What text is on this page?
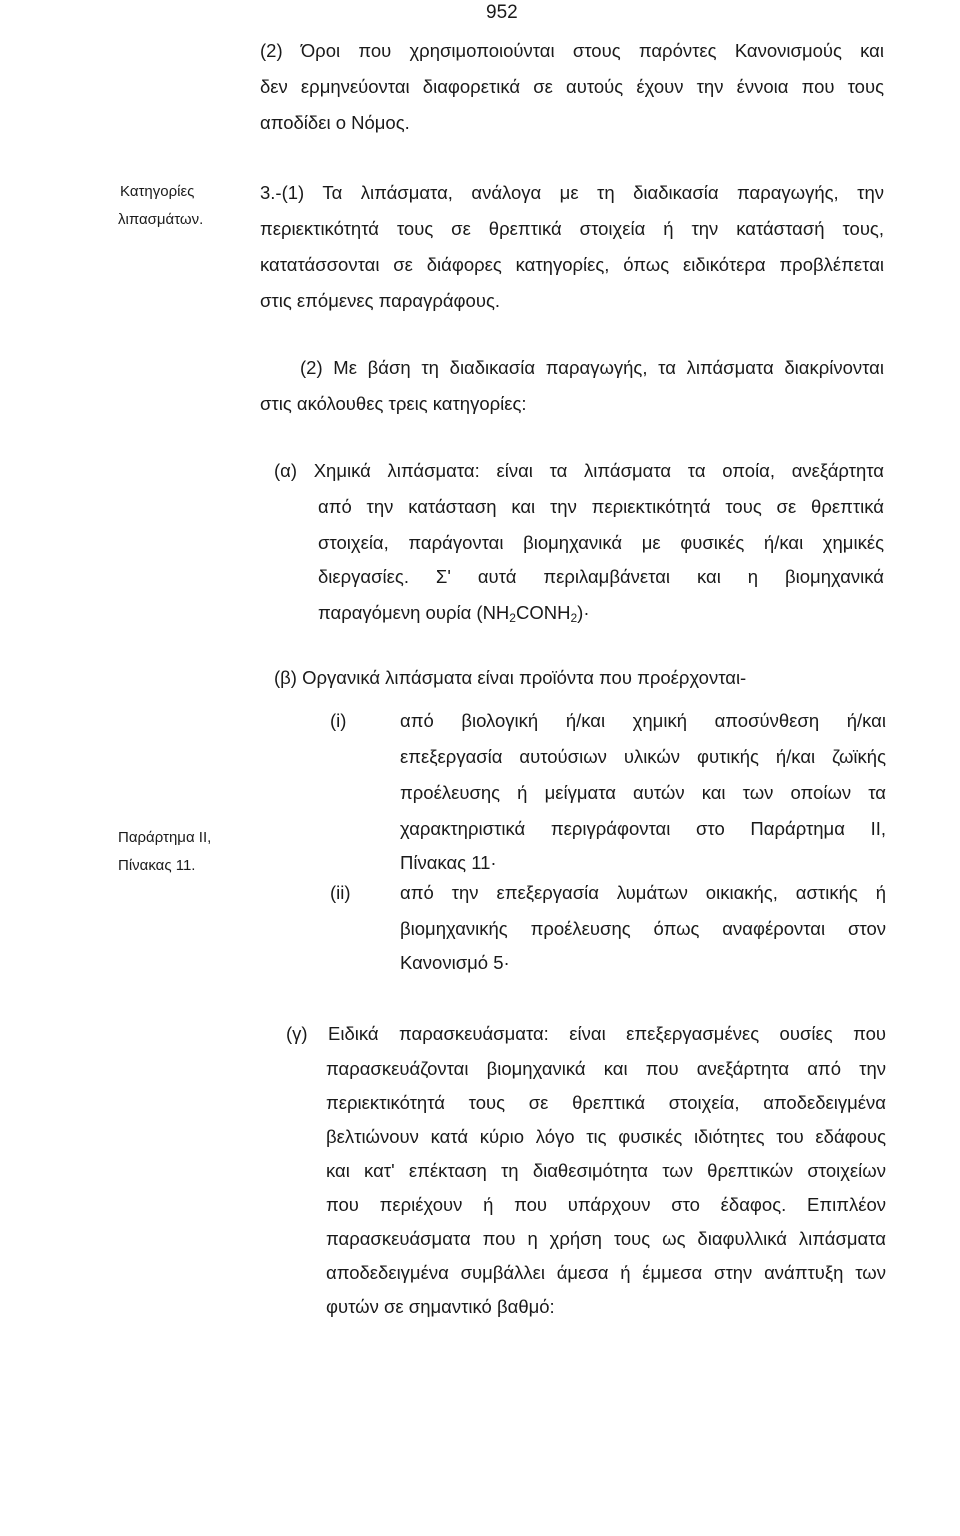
952
(2) Όροι που χρησιμοποιούνται στους παρόντες Κανονισμούς και
δεν ερμηνεύονται διαφορετικά σε αυτούς έχουν την έννοια που τους
αποδίδει ο Νόμος.
Κατηγορίες
λιπασμάτων.
3.-(1) Τα λιπάσματα, ανάλογα με τη διαδικασία παραγωγής, την
περιεκτικότητά τους σε θρεπτικά στοιχεία ή την κατάστασή τους,
κατατάσσονται σε διάφορες κατηγορίες, όπως ειδικότερα προβλέπεται
στις επόμενες παραγράφους.
(2) Με βάση τη διαδικασία παραγωγής, τα λιπάσματα διακρίνονται
στις ακόλουθες τρεις κατηγορίες:
(α) Χημικά λιπάσματα: είναι τα λιπάσματα τα οποία, ανεξάρτητα
από την κατάσταση και την περιεκτικότητά τους σε θρεπτικά
στοιχεία, παράγονται βιομηχανικά με φυσικές ή/και χημικές
διεργασίες. Σ' αυτά περιλαμβάνεται και η βιομηχανικά
παραγόμενη ουρία $(NH_2CONH_2)\cdot$
(β) Οργανικά λιπάσματα είναι προϊόντα που προέρχονται-
(i)	από βιολογική ή/και χημική αποσύνθεση ή/και
επεξεργασία αυτούσιων υλικών φυτικής ή/και ζωϊκής
προέλευσης ή μείγματα αυτών και των οποίων τα
χαρακτηριστικά περιγράφονται στο Παράρτημα II,
Πίνακας 11·
(ii)	από την επεξεργασία λυμάτων οικιακής, αστικής ή
βιομηχανικής προέλευσης όπως αναφέρονται στον
Κανονισμό 5·
Παράρτημα II,
Πίνακας 11.
(γ) Ειδικά παρασκευάσματα: είναι επεξεργασμένες ουσίες που
παρασκευάζονται βιομηχανικά και που ανεξάρτητα από την
περιεκτικότητά τους σε θρεπτικά στοιχεία, αποδεδειγμένα
βελτιώνουν κατά κύριο λόγο τις φυσικές ιδιότητες του εδάφους
και κατ' επέκταση τη διαθεσιμότητα των θρεπτικών στοιχείων
που περιέχουν ή που υπάρχουν στο έδαφος. Επιπλέον
παρασκευάσματα που η χρήση τους ως διαφυλλικά λιπάσματα
αποδεδειγμένα συμβάλλει άμεσα ή έμμεσα στην ανάπτυξη των
φυτών σε σημαντικό βαθμό:
